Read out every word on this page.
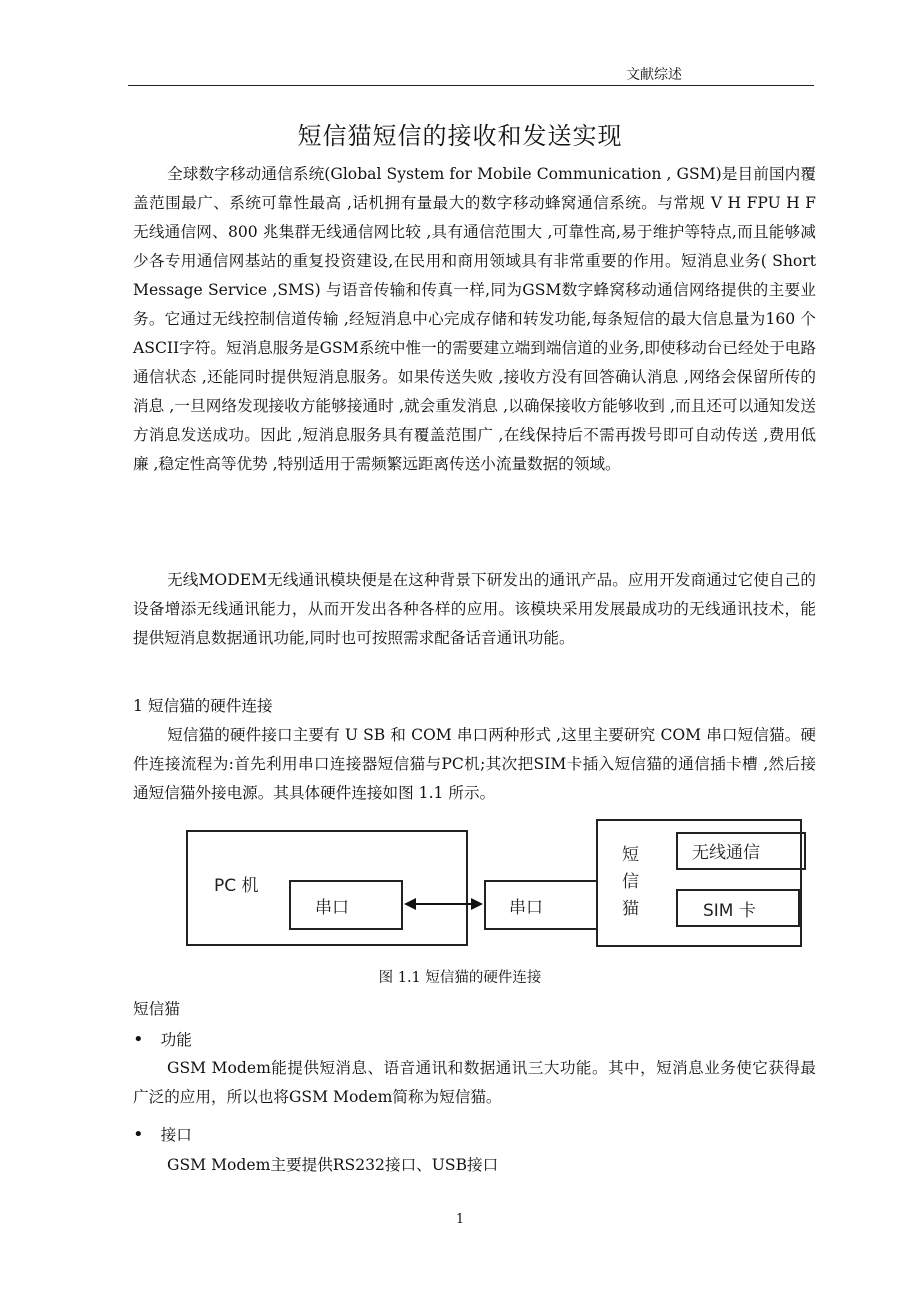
文献综述
短信猫短信的接收和发送实现
全球数字移动通信系统(Global System for Mobile Communication , GSM)是目前国内覆盖范围最广、系统可靠性最高 ,话机拥有量最大的数字移动蜂窝通信系统。与常规 V H FPU H F 无线通信网、800 兆集群无线通信网比较 ,具有通信范围大 ,可靠性高,易于维护等特点,而且能够减少各专用通信网基站的重复投资建设,在民用和商用领域具有非常重要的作用。短消息业务( Short Message Service ,SMS) 与语音传输和传真一样,同为GSM数字蜂窝移动通信网络提供的主要业务。它通过无线控制信道传输 ,经短消息中心完成存储和转发功能,每条短信的最大信息量为160 个ASCII字符。短消息服务是GSM系统中惟一的需要建立端到端信道的业务,即使移动台已经处于电路通信状态 ,还能同时提供短消息服务。如果传送失败 ,接收方没有回答确认消息 ,网络会保留所传的消息 ,一旦网络发现接收方能够接通时 ,就会重发消息 ,以确保接收方能够收到 ,而且还可以通知发送方消息发送成功。因此 ,短消息服务具有覆盖范围广 ,在线保持后不需再拨号即可自动传送 ,费用低廉 ,稳定性高等优势 ,特别适用于需频繁远距离传送小流量数据的领域。
无线MODEM无线通讯模块便是在这种背景下研发出的通讯产品。应用开发商通过它使自己的设备增添无线通讯能力，从而开发出各种各样的应用。该模块采用发展最成功的无线通讯技术，能提供短消息数据通讯功能,同时也可按照需求配备话音通讯功能。
1 短信猫的硬件连接
短信猫的硬件接口主要有 U SB 和 COM 串口两种形式 ,这里主要研究 COM 串口短信猫。硬件连接流程为:首先利用串口连接器短信猫与PC机;其次把SIM卡插入短信猫的通信插卡槽 ,然后接通短信猫外接电源。其具体硬件连接如图 1.1 所示。
PC 机
串口	串口
短
信
猫
无线通信
SIM 卡
图 1.1 短信猫的硬件连接
短信猫
• 功能
GSM Modem能提供短消息、语音通讯和数据通讯三大功能。其中，短消息业务使它获得最广泛的应用，所以也将GSM Modem简称为短信猫。
• 接口
GSM Modem主要提供RS232接口、USB接口
1
